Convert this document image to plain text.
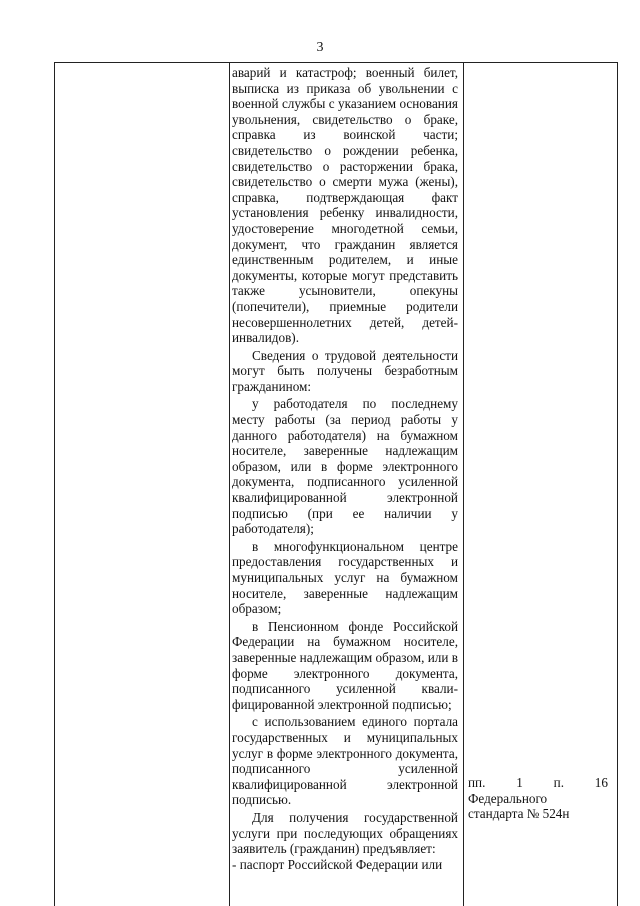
3

аварий и катастроф; военный билет, выписка из приказа об увольнении с военной службы с указанием основания увольнения, свидетельство о браке, справка из воинской части; свидетельство о рождении ребенка, свидетельство о расторжении брака, свидетельство о смерти мужа (жены), справка, подтверждающая факт установления ребенку инвалидности, удостоверение многодетной семьи, документ, что гражданин является единственным родителем, и иные документы, которые могут представить также усыновители, опекуны (попечители), приемные родители несовершеннолетних детей, детей-инвалидов).

Сведения о трудовой деятельности могут быть получены безработным гражданином:

у работодателя по последнему месту работы (за период работы у данного работодателя) на бумажном носителе, заверенные надлежащим образом, или в форме электронного документа, подписанного усиленной квалифицированной электронной подписью (при ее наличии у работодателя);

в многофункциональном центре предоставления государственных и муниципальных услуг на бумажном носителе, заверенные надлежащим образом;

в Пенсионном фонде Российской Федерации на бумажном носителе, заверенные надлежащим образом, или в форме электронного документа, подписанного усиленной квали-фицированной электронной подписью;

с использованием единого портала государственных и муниципальных услуг в форме электронного документа, подписанного усиленной квалифицированной электронной подписью.

Для получения государственной услуги при последующих обращениях заявитель (гражданин) предъявляет:

- паспорт Российской Федерации или

пп. 1 п. 16

Федерального

стандарта № 524н
